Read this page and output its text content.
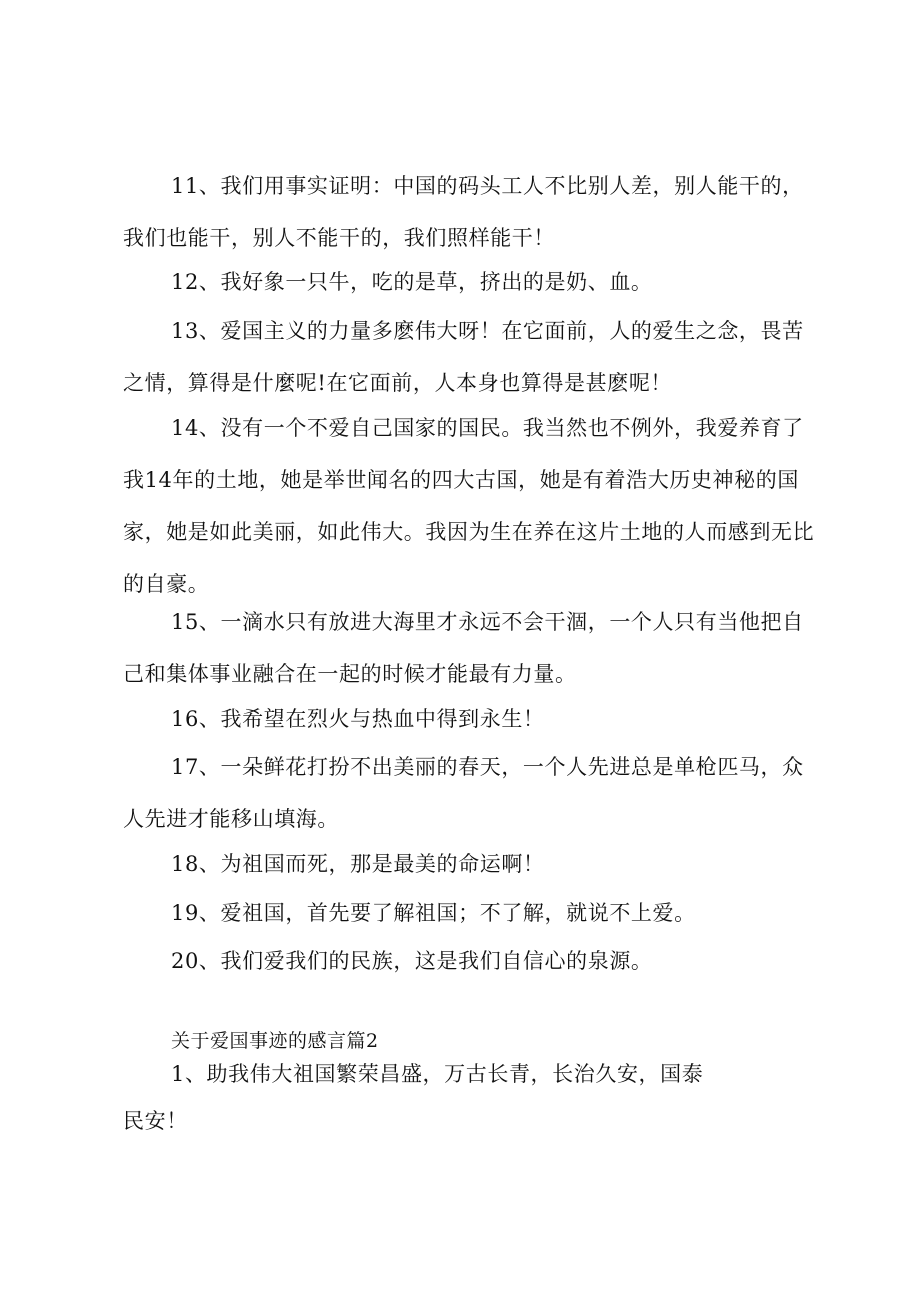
11、我们用事实证明：中国的码头工人不比别人差，别人能干的，我们也能干，别人不能干的，我们照样能干！

12、我好象一只牛，吃的是草，挤出的是奶、血。

13、爱国主义的力量多麽伟大呀！在它面前，人的爱生之念，畏苦之情，算得是什麼呢!在它面前，人本身也算得是甚麽呢！

14、没有一个不爱自己国家的国民。我当然也不例外，我爱养育了我14年的土地，她是举世闻名的四大古国，她是有着浩大历史神秘的国家，她是如此美丽，如此伟大。我因为生在养在这片土地的人而感到无比的自豪。

15、一滴水只有放进大海里才永远不会干涸，一个人只有当他把自己和集体事业融合在一起的时候才能最有力量。

16、我希望在烈火与热血中得到永生！

17、一朵鲜花打扮不出美丽的春天，一个人先进总是单枪匹马，众人先进才能移山填海。

18、为祖国而死，那是最美的命运啊！

19、爱祖国，首先要了解祖国；不了解，就说不上爱。

20、我们爱我们的民族，这是我们自信心的泉源。

关于爱国事迹的感言篇2

1、助我伟大祖国繁荣昌盛，万古长青，长治久安，国泰民安！
